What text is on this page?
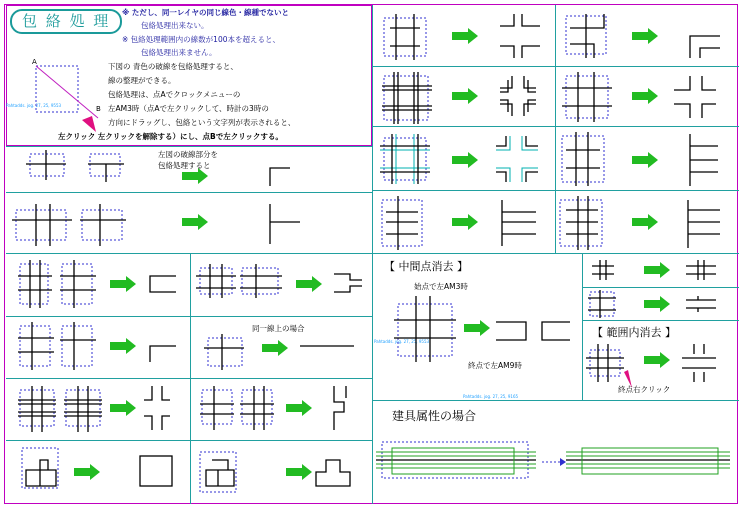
包 絡 処 理	※ ただし、同一レイヤの同じ線色・線種でないと
包絡処理出来ない。
※ 包絡処理範囲内の線数が100本を超えると、
包絡処理出来ません。
下図の 青色の破線を包絡処理すると、
線の整理ができる。
包絡処理は、点Aでクロックメニューの
左AM3時（点Aで左クリックして、時計の3時の
方向にドラッグし、包絡という文字列が表示されると、
左クリック 左クリックを解除する）にし、点Bで左クリックする。
A
B
Pahtadds. jog. 27, 25, 9553
左図の破線部分を
包絡処理すると
【 中間点消去 】
始点で左AM3時
終点で左AM9時
Pahtadds. jog. 27, 25, 9553
同一線上の場合	【 範囲内消去 】
終点右クリック
Pahtadds. jog. 27, 25, 9165
建具属性の場合
